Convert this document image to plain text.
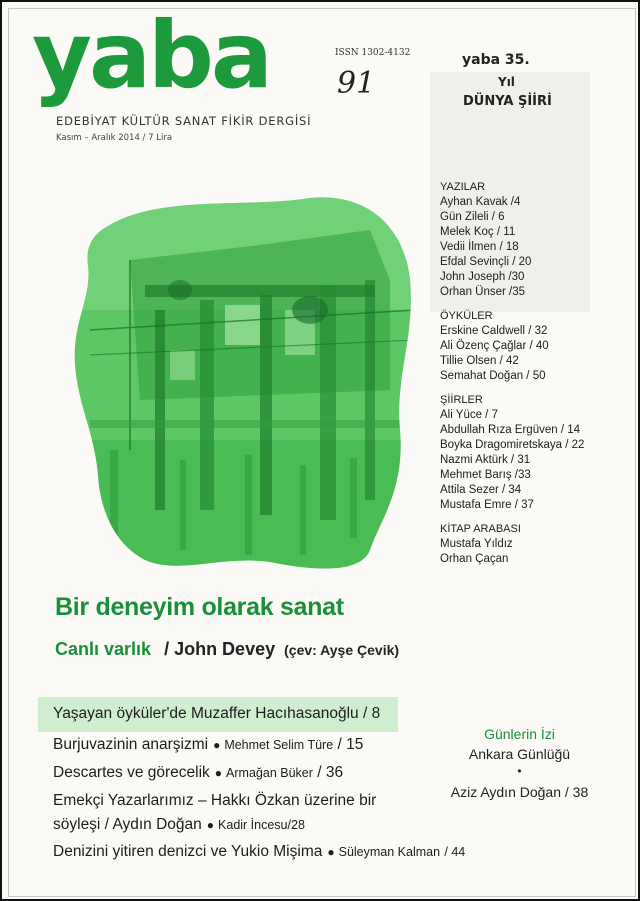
yaba	ISSN 1302-4132
91
EDEBİYAT KÜLTÜR SANAT FİKİR DERGİSİ
Kasım – Aralık 2014 / 7 Lira
yaba 35.
Yıl
DÜNYA ŞİİRİ
YAZILAR
Ayhan Kavak /4
Gün Zileli / 6
Melek Koç / 11
Vedii İlmen / 18
Efdal Sevinçli / 20
John Joseph /30
Orhan Ünser /35
ÖYKÜLER
Erskine Caldwell / 32
Ali Özenç Çağlar / 40
Tillie Olsen / 42
Semahat Doğan / 50
ŞİİRLER
Ali Yüce / 7
Abdullah Rıza Ergüven / 14
Boyka Dragomiretskaya / 22
Nazmi Aktürk / 31
Mehmet Barış /33
Attila Sezer / 34
Mustafa Emre / 37
KİTAP ARABASI
Mustafa Yıldız
Orhan Çaçan
Bir deneyim olarak sanat
Canlı varlık / John Devey (çev: Ayşe Çevik)
Yaşayan öyküler'de Muzaffer Hacıhasanoğlu / 8
Burjuvazinin anarşizmi ● Mehmet Selim Türe / 15
Descartes ve görecelik ● Armağan Büker / 36
Emekçi Yazarlarımız – Hakkı Özkan üzerine bir
söyleşi / Aydın Doğan ● Kadir İncesu/28
Denizini yitiren denizci ve Yukio Mişima ● Süleyman Kalman / 44
Günlerin İzi
Ankara Günlüğü
•
Aziz Aydın Doğan / 38
